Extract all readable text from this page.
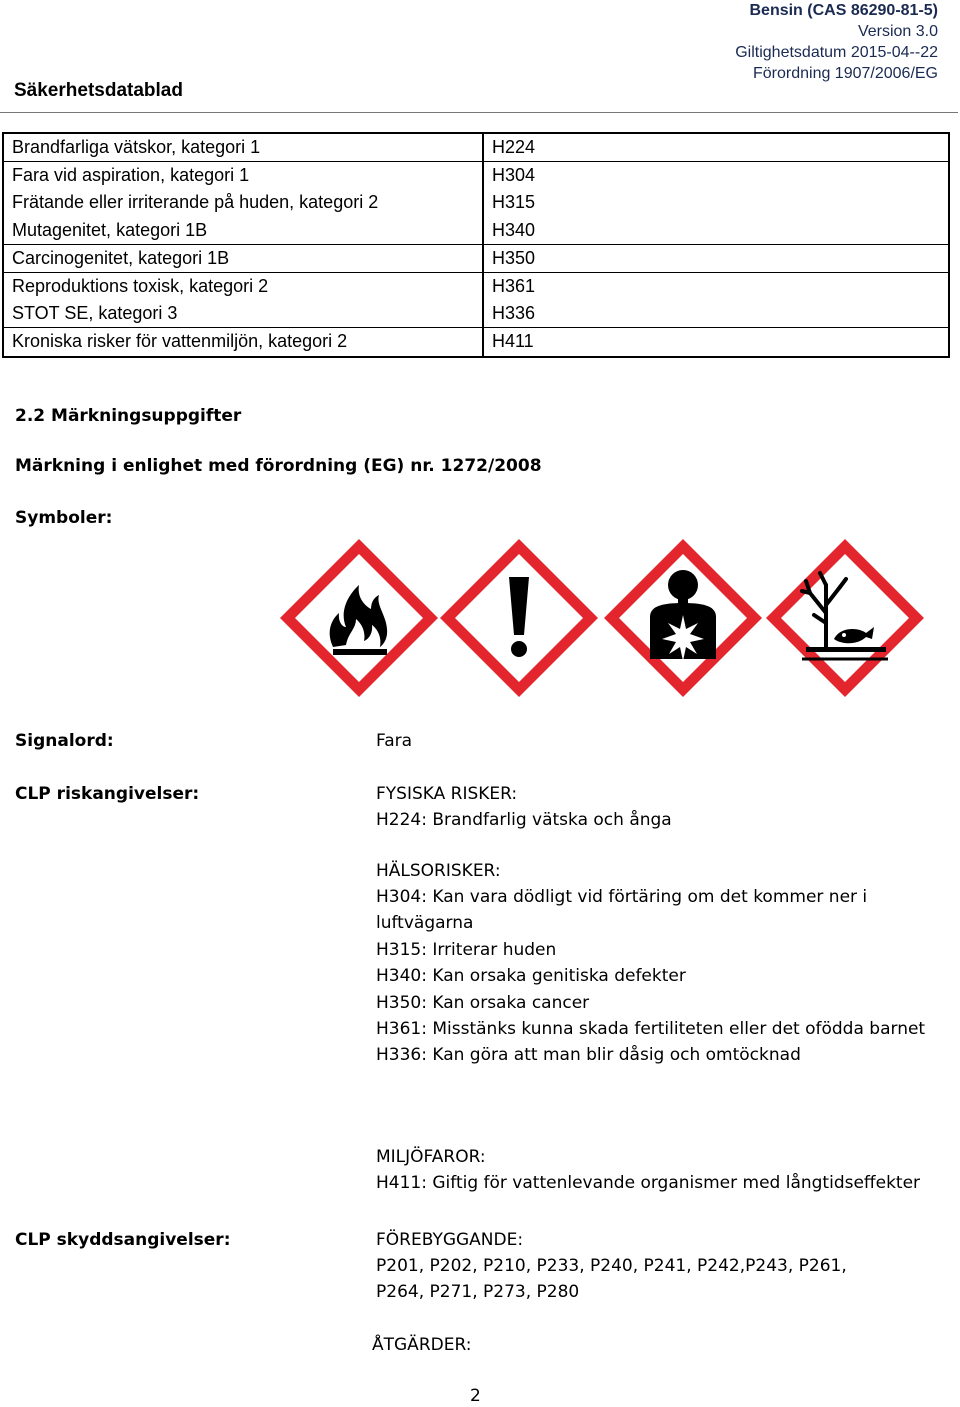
Bensin (CAS 86290-81-5)
Version 3.0
Giltighetsdatum 2015-04--22
Förordning 1907/2006/EG
Säkerhetsdatablad
Brandfarliga vätskor, kategori 1	H224
Fara vid aspiration, kategori 1	H304
Frätande eller irriterande på huden, kategori 2	H315
Mutagenitet, kategori 1B	H340
Carcinogenitet, kategori 1B	H350
Reproduktions toxisk, kategori 2	H361
STOT SE, kategori 3	H336
Kroniska risker för vattenmiljön, kategori 2	H411
2.2 Märkningsuppgifter
Märkning i enlighet med förordning (EG) nr. 1272/2008
Symboler:
Signalord:	Fara
CLP riskangivelser:	FYSISKA RISKER:
H224: Brandfarlig vätska och ånga
HÄLSORISKER:
H304: Kan vara dödligt vid förtäring om det kommer ner i luftvägarna
H315: Irriterar huden
H340: Kan orsaka genitiska defekter
H350: Kan orsaka cancer
H361: Misstänks kunna skada fertiliteten eller det ofödda barnet
H336: Kan göra att man blir dåsig och omtöcknad
MILJÖFAROR:
H411: Giftig för vattenlevande organismer med långtidseffekter
CLP skyddsangivelser:	FÖREBYGGANDE:
P201, P202, P210, P233, P240, P241, P242,P243, P261,
P264, P271, P273, P280
ÅTGÄRDER:
2
